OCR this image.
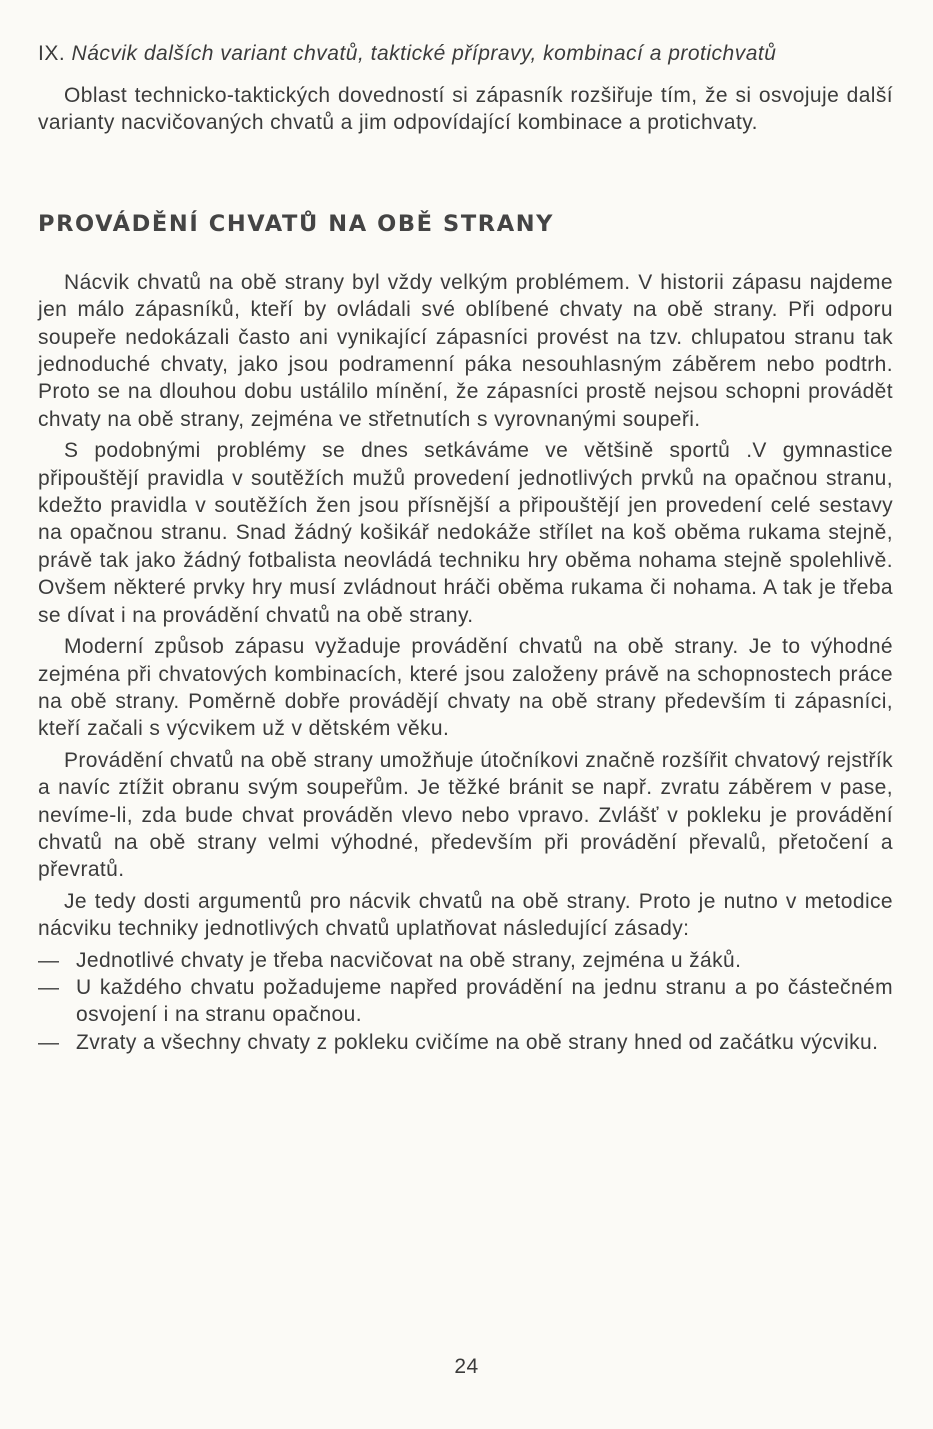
IX. Nácvik dalších variant chvatů, taktické přípravy, kombinací a protichvatů

Oblast technicko-taktických dovedností si zápasník rozšiřuje tím, že si osvojuje další varianty nacvičovaných chvatů a jim odpovídající kombinace a protichvaty.

PROVÁDĚNÍ CHVATŮ NA OBĚ STRANY

Nácvik chvatů na obě strany byl vždy velkým problémem. V historii zápasu najdeme jen málo zápasníků, kteří by ovládali své oblíbené chvaty na obě strany. Při odporu soupeře nedokázali často ani vynikající zápasníci provést na tzv. chlupatou stranu tak jednoduché chvaty, jako jsou podramenní páka nesouhlasným záběrem nebo podtrh. Proto se na dlouhou dobu ustálilo mínění, že zápasníci prostě nejsou schopni provádět chvaty na obě strany, zejména ve střetnutích s vyrovnanými soupeři.

S podobnými problémy se dnes setkáváme ve většině sportů .V gymnastice připouštějí pravidla v soutěžích mužů provedení jednotlivých prvků na opačnou stranu, kdežto pravidla v soutěžích žen jsou přísnější a připouštějí jen provedení celé sestavy na opačnou stranu. Snad žádný košikář nedokáže střílet na koš oběma rukama stejně, právě tak jako žádný fotbalista neovládá techniku hry oběma nohama stejně spolehlivě. Ovšem některé prvky hry musí zvládnout hráči oběma rukama či nohama. A tak je třeba se dívat i na provádění chvatů na obě strany.

Moderní způsob zápasu vyžaduje provádění chvatů na obě strany. Je to výhodné zejména při chvatových kombinacích, které jsou založeny právě na schopnostech práce na obě strany. Poměrně dobře provádějí chvaty na obě strany především ti zápasníci, kteří začali s výcvikem už v dětském věku.

Provádění chvatů na obě strany umožňuje útočníkovi značně rozšířit chvatový rejstřík a navíc ztížit obranu svým soupeřům. Je těžké bránit se např. zvratu záběrem v pase, nevíme-li, zda bude chvat prováděn vlevo nebo vpravo. Zvlášť v pokleku je provádění chvatů na obě strany velmi výhodné, především při provádění převalů, přetočení a převratů.

Je tedy dosti argumentů pro nácvik chvatů na obě strany. Proto je nutno v metodice nácviku techniky jednotlivých chvatů uplatňovat následující zásady:

— Jednotlivé chvaty je třeba nacvičovat na obě strany, zejména u žáků.
— U každého chvatu požadujeme napřed provádění na jednu stranu a po částečném osvojení i na stranu opačnou.
— Zvraty a všechny chvaty z pokleku cvičíme na obě strany hned od začátku výcviku.
24
